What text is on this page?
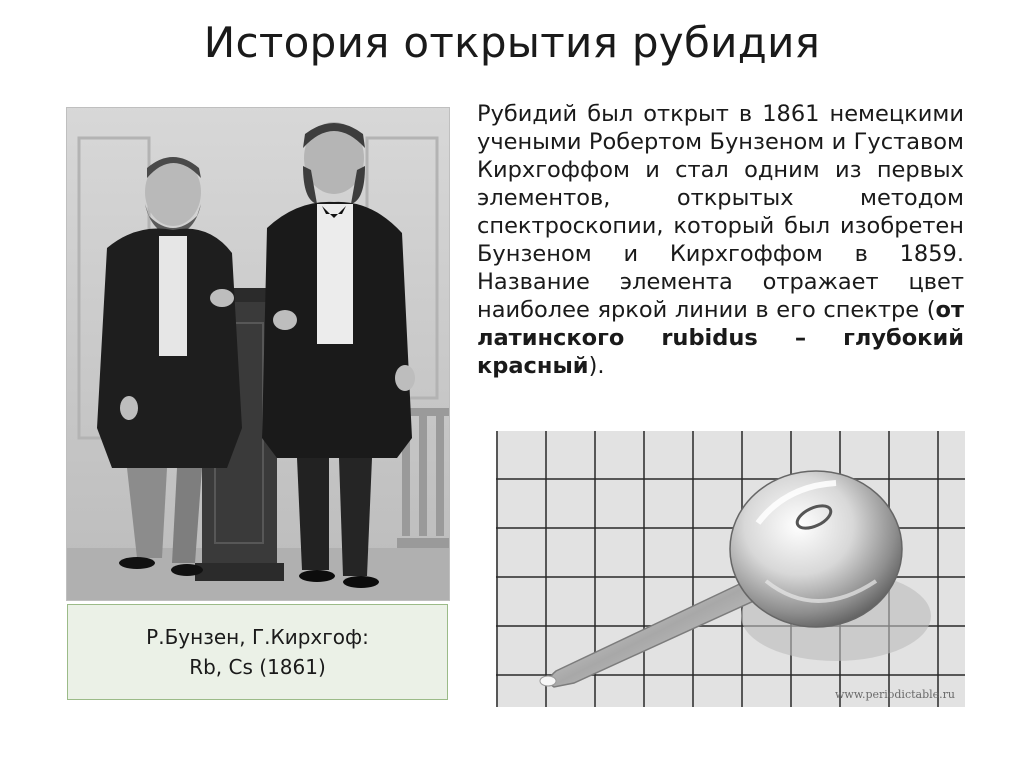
История открытия рубидия
Р.Бунзен, Г.Кирхгоф:
Rb, Cs (1861)
Рубидий был открыт в 1861 немецкими учеными Робертом Бунзеном и Густавом Кирхгоффом и стал одним из первых элементов, открытых методом спектроскопии, который был изобретен Бунзеном и Кирхгоффом в 1859. Название элемента отражает цвет наиболее яркой линии в его спектре (от латинского rubidus – глубокий красный).
www.periodictable.ru
